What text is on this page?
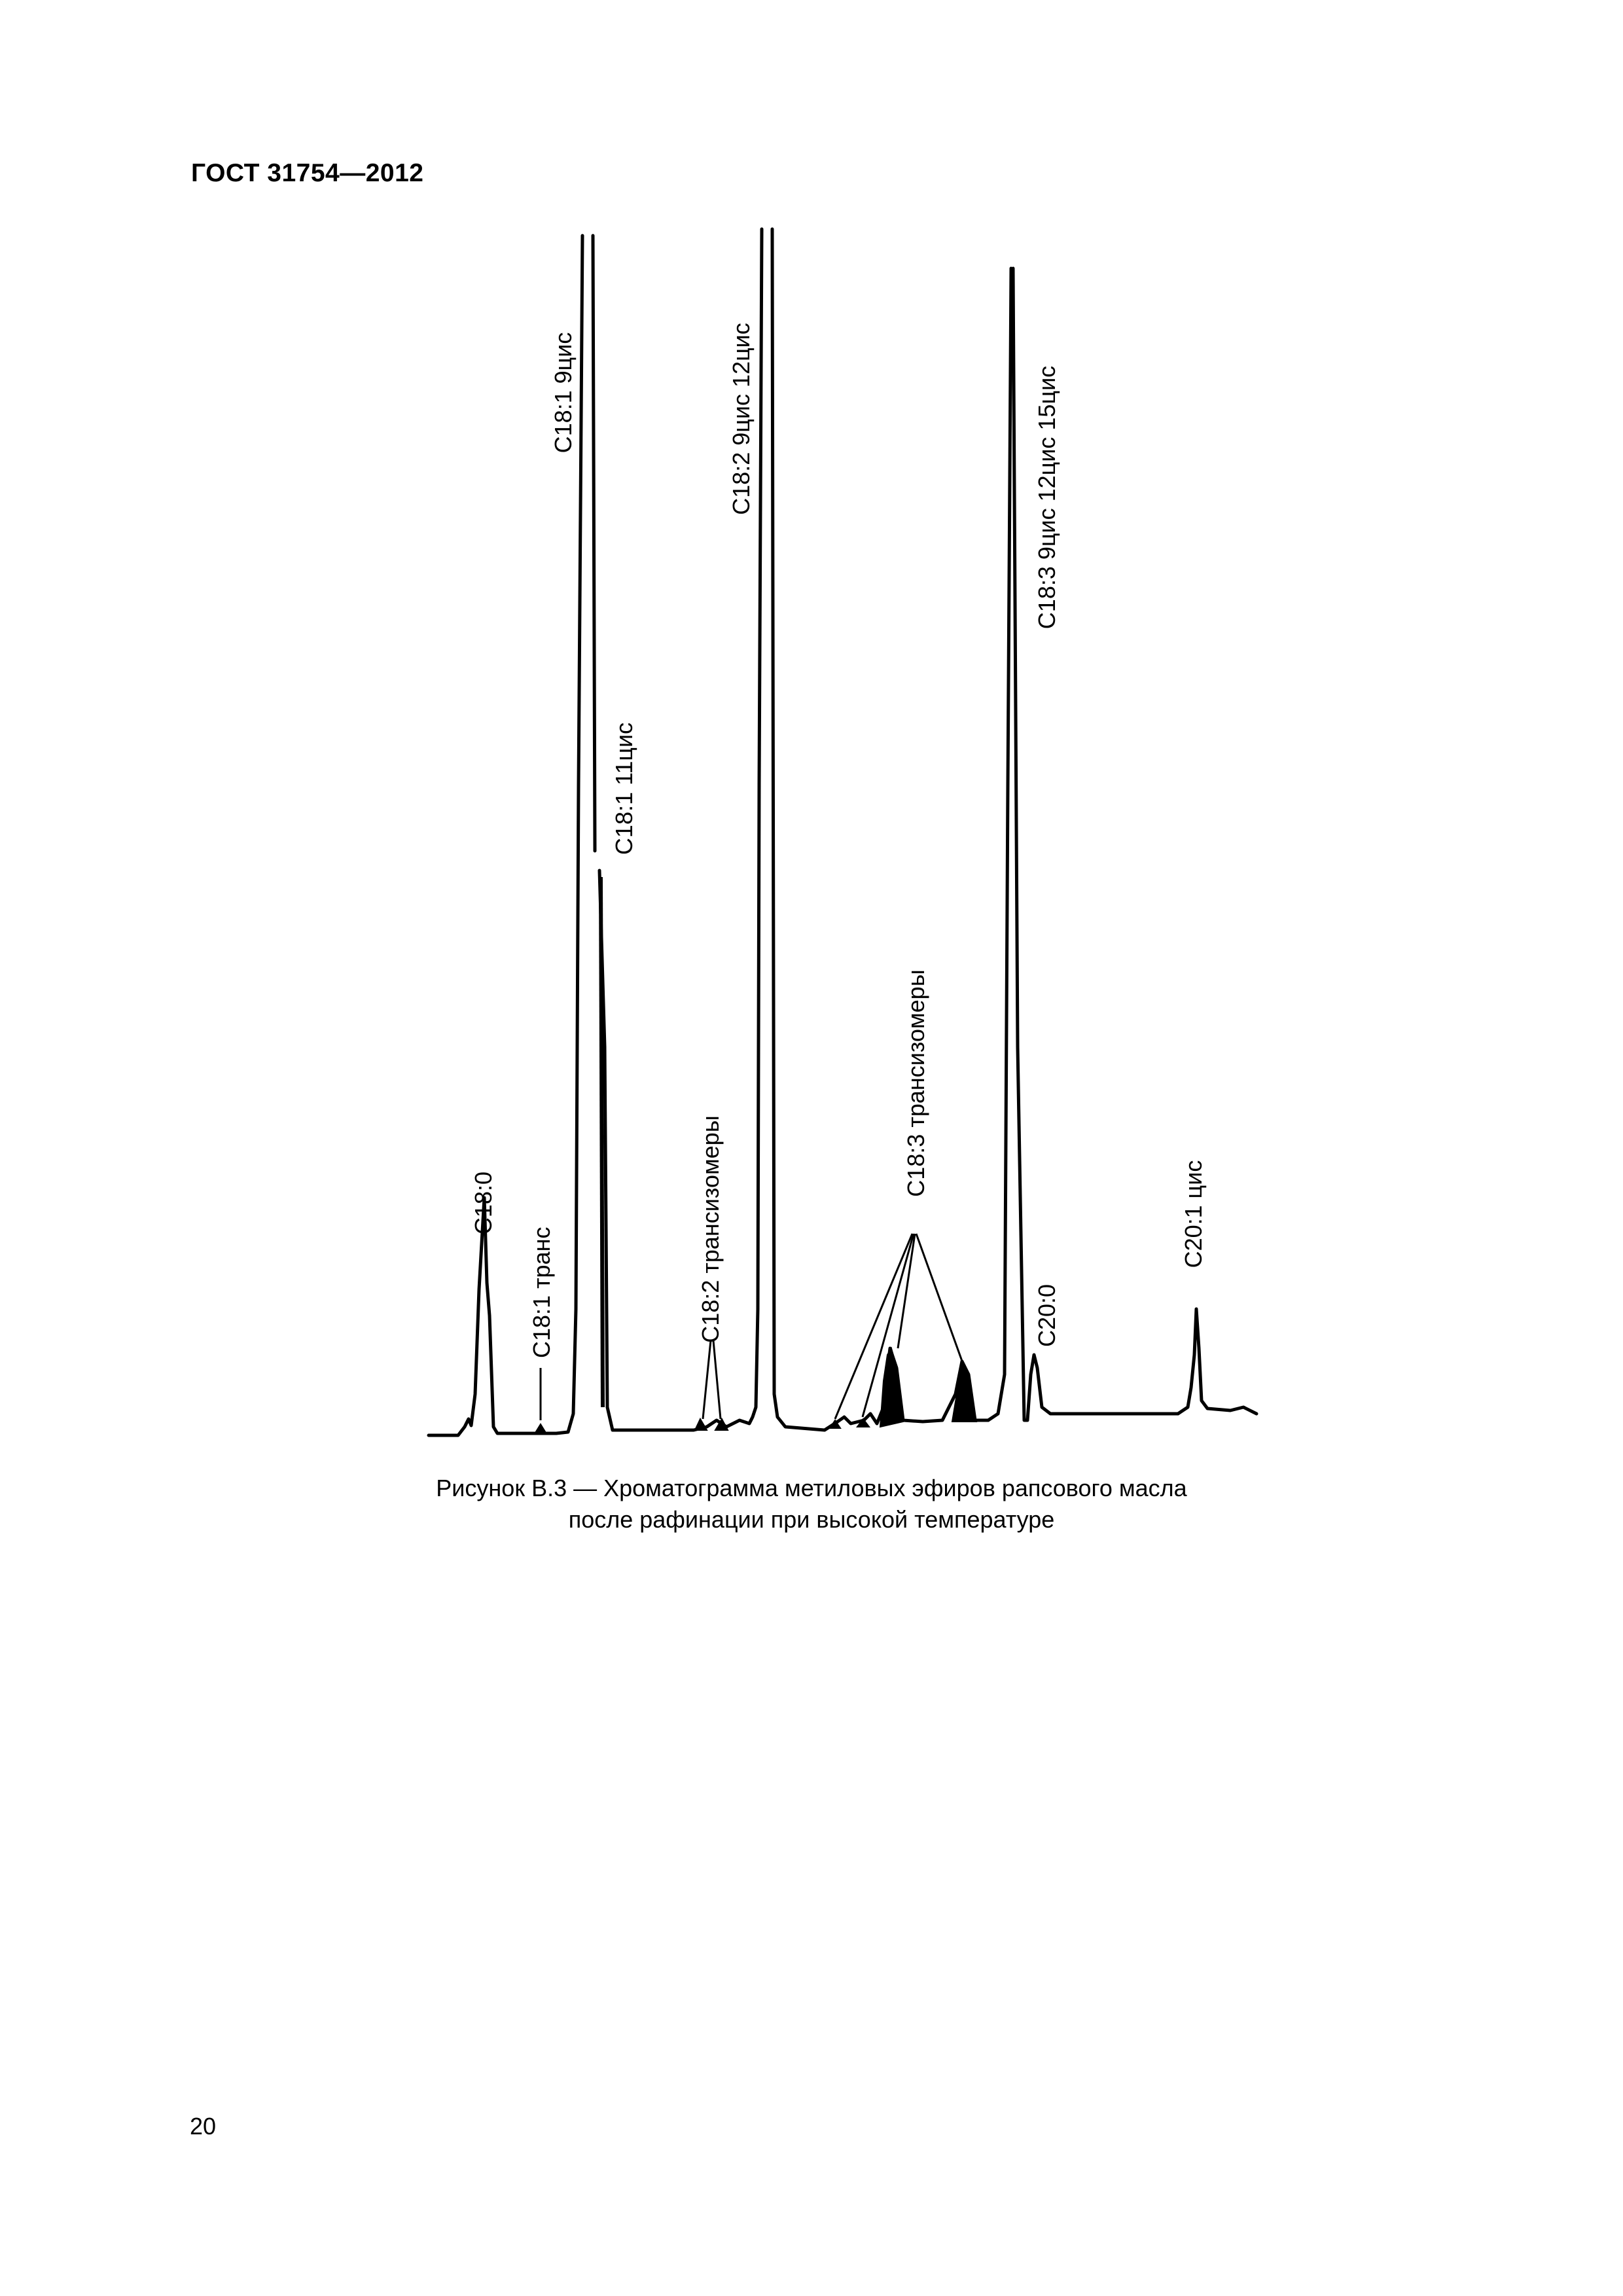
ГОСТ 31754—2012
С18:0
С18:1 транс
С18:1 9цис
С18:1 11цис
С18:2 трансизомеры
С18:2 9цис 12цис
С18:3 трансизомеры
С18:3 9цис 12цис 15цис
С20:0
С20:1 цис
Рисунок В.3 — Хроматограмма метиловых эфиров рапсового масла
после рафинации при высокой температуре
20
